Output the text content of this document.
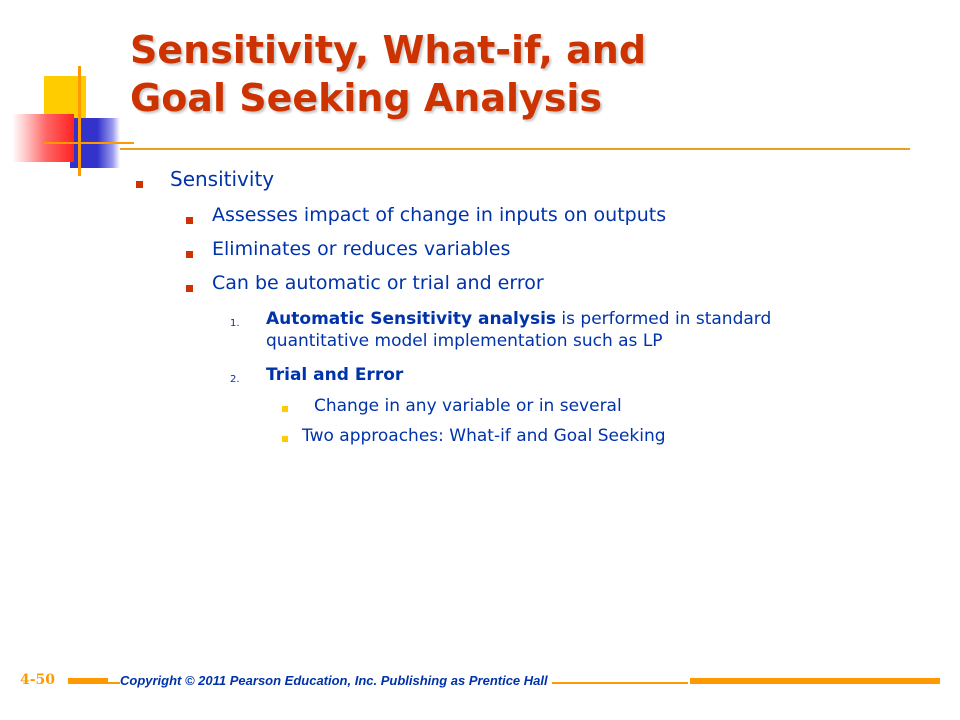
Sensitivity, What-if, and
Goal Seeking Analysis
Sensitivity
Assesses impact of change in inputs on outputs
Eliminates or reduces variables
Can be automatic or trial and error
1. Automatic Sensitivity analysis is performed in standard
quantitative model implementation such as LP
2. Trial and Error
Change in any variable or in several
Two approaches: What-if and Goal Seeking
4-50	Copyright © 2011 Pearson Education, Inc. Publishing as Prentice Hall
